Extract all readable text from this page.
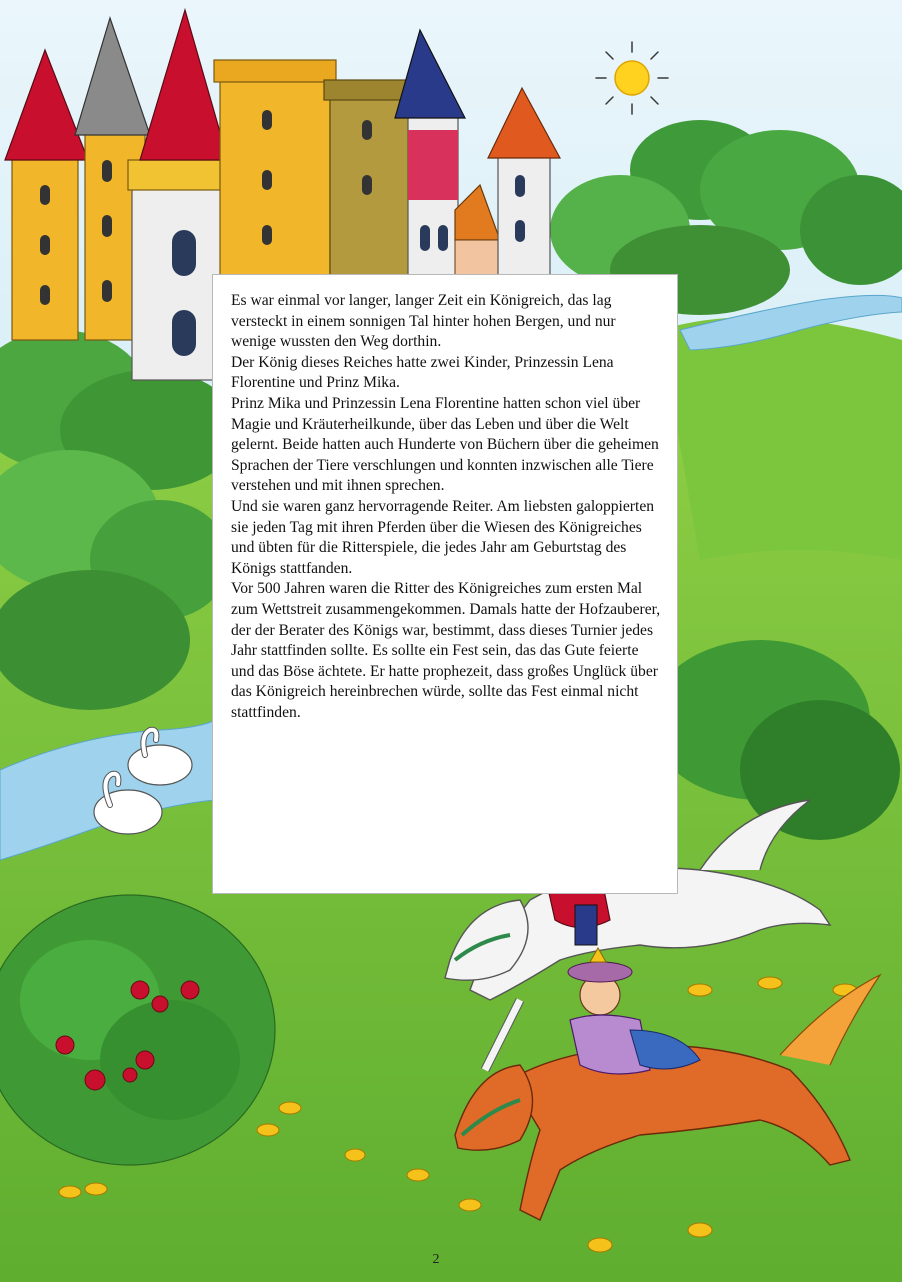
Es war einmal vor langer, langer Zeit ein Königreich, das lag versteckt in einem sonnigen Tal hinter hohen Bergen, und nur wenige wussten den Weg dorthin.

Der König dieses Reiches hatte zwei Kinder, Prinzessin Lena Florentine und Prinz Mika.

Prinz Mika und Prinzessin Lena Florentine hatten schon viel über Magie und Kräuterheilkunde, über das Leben und über die Welt gelernt. Beide hatten auch Hunderte von Büchern über die geheimen Sprachen der Tiere verschlungen und konnten inzwischen alle Tiere verstehen und mit ihnen sprechen.

Und sie waren ganz hervorragende Reiter. Am liebsten galoppierten sie jeden Tag mit ihren Pferden über die Wiesen des Königreiches und übten für die Ritterspiele, die jedes Jahr am Geburtstag des Königs stattfanden.

Vor 500 Jahren waren die Ritter des Königreiches zum ersten Mal zum Wettstreit zusammengekommen. Damals hatte der Hofzauberer, der der Berater des Königs war, bestimmt, dass dieses Turnier jedes Jahr stattfinden sollte. Es sollte ein Fest sein, das das Gute feierte und das Böse ächtete. Er hatte prophezeit, dass großes Unglück über das Königreich hereinbrechen würde, sollte das Fest einmal nicht stattfinden.

2
